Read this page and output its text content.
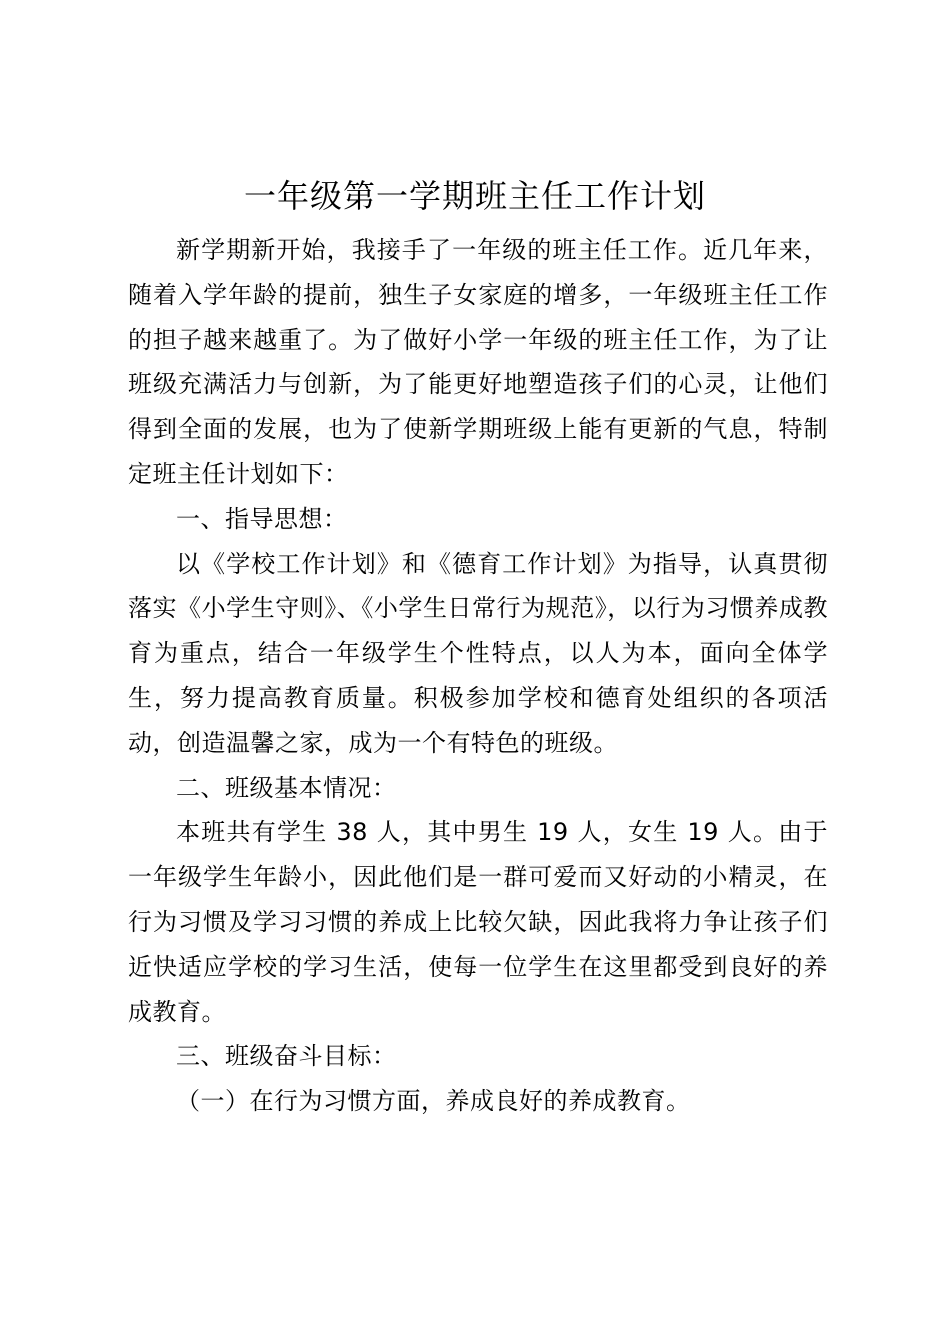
一年级第一学期班主任工作计划

新学期新开始，我接手了一年级的班主任工作。近几年来，随着入学年龄的提前，独生子女家庭的增多，一年级班主任工作的担子越来越重了。为了做好小学一年级的班主任工作，为了让班级充满活力与创新，为了能更好地塑造孩子们的心灵，让他们得到全面的发展，也为了使新学期班级上能有更新的气息，特制定班主任计划如下：

一、指导思想：

以《学校工作计划》和《德育工作计划》为指导，认真贯彻落实《小学生守则》、《小学生日常行为规范》，以行为习惯养成教育为重点，结合一年级学生个性特点，以人为本，面向全体学生，努力提高教育质量。积极参加学校和德育处组织的各项活动，创造温馨之家，成为一个有特色的班级。

二、班级基本情况：

本班共有学生 38 人，其中男生 19 人，女生 19 人。由于一年级学生年龄小，因此他们是一群可爱而又好动的小精灵，在行为习惯及学习习惯的养成上比较欠缺，因此我将力争让孩子们近快适应学校的学习生活，使每一位学生在这里都受到良好的养成教育。

三、班级奋斗目标：

（一）在行为习惯方面，养成良好的养成教育。
